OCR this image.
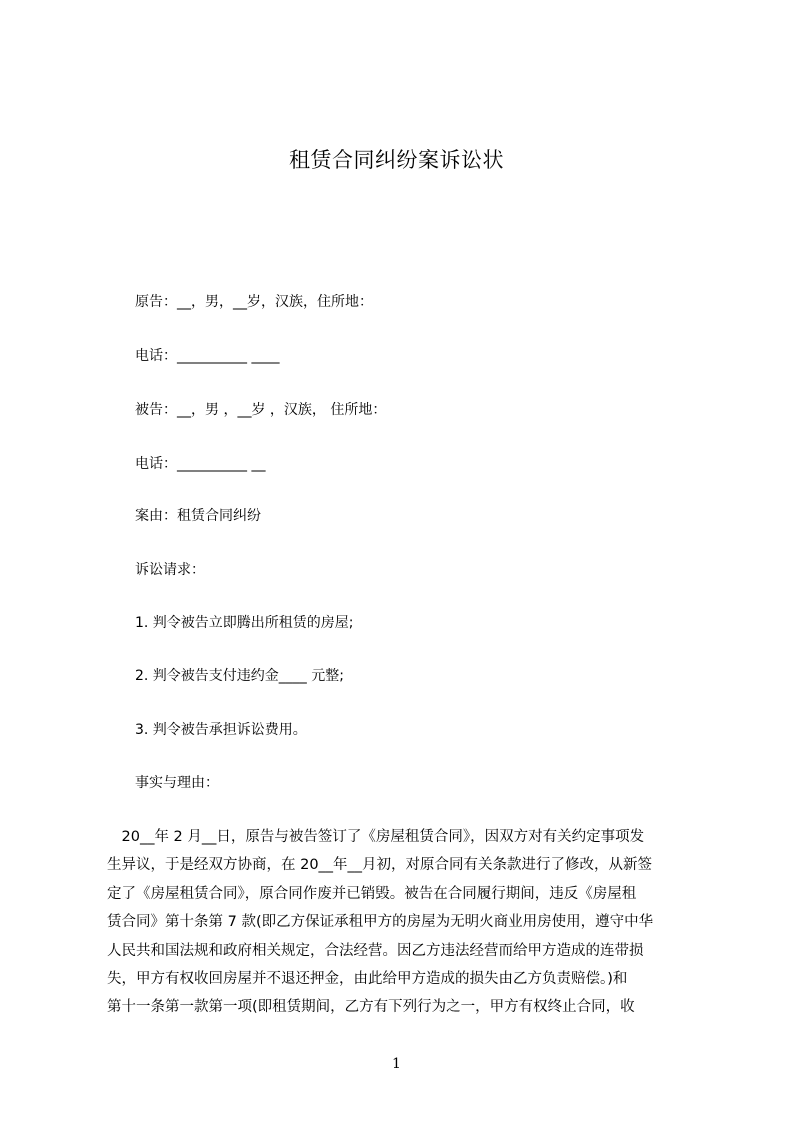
租赁合同纠纷案诉讼状
原告：__，男，__岁，汉族，住所地：
电话：__________ ____
被告：__，男 ，__岁 ，汉族， 住所地：
电话：__________ __
案由：租赁合同纠纷
诉讼请求：
1. 判令被告立即腾出所租赁的房屋;
2. 判令被告支付违约金____ 元整;
3. 判令被告承担诉讼费用。
事实与理由：
　20__年 2 月__日，原告与被告签订了《房屋租赁合同》，因双方对有关约定事项发
生异议，于是经双方协商，在 20__年__月初，对原合同有关条款进行了修改，从新签
定了《房屋租赁合同》，原合同作废并已销毁。被告在合同履行期间，违反《房屋租
赁合同》第十条第 7 款(即乙方保证承租甲方的房屋为无明火商业用房使用，遵守中华
人民共和国法规和政府相关规定，合法经营。因乙方违法经营而给甲方造成的连带损
失，甲方有权收回房屋并不退还押金，由此给甲方造成的损失由乙方负责赔偿。)和
第十一条第一款第一项(即租赁期间，乙方有下列行为之一，甲方有权终止合同，收
1
